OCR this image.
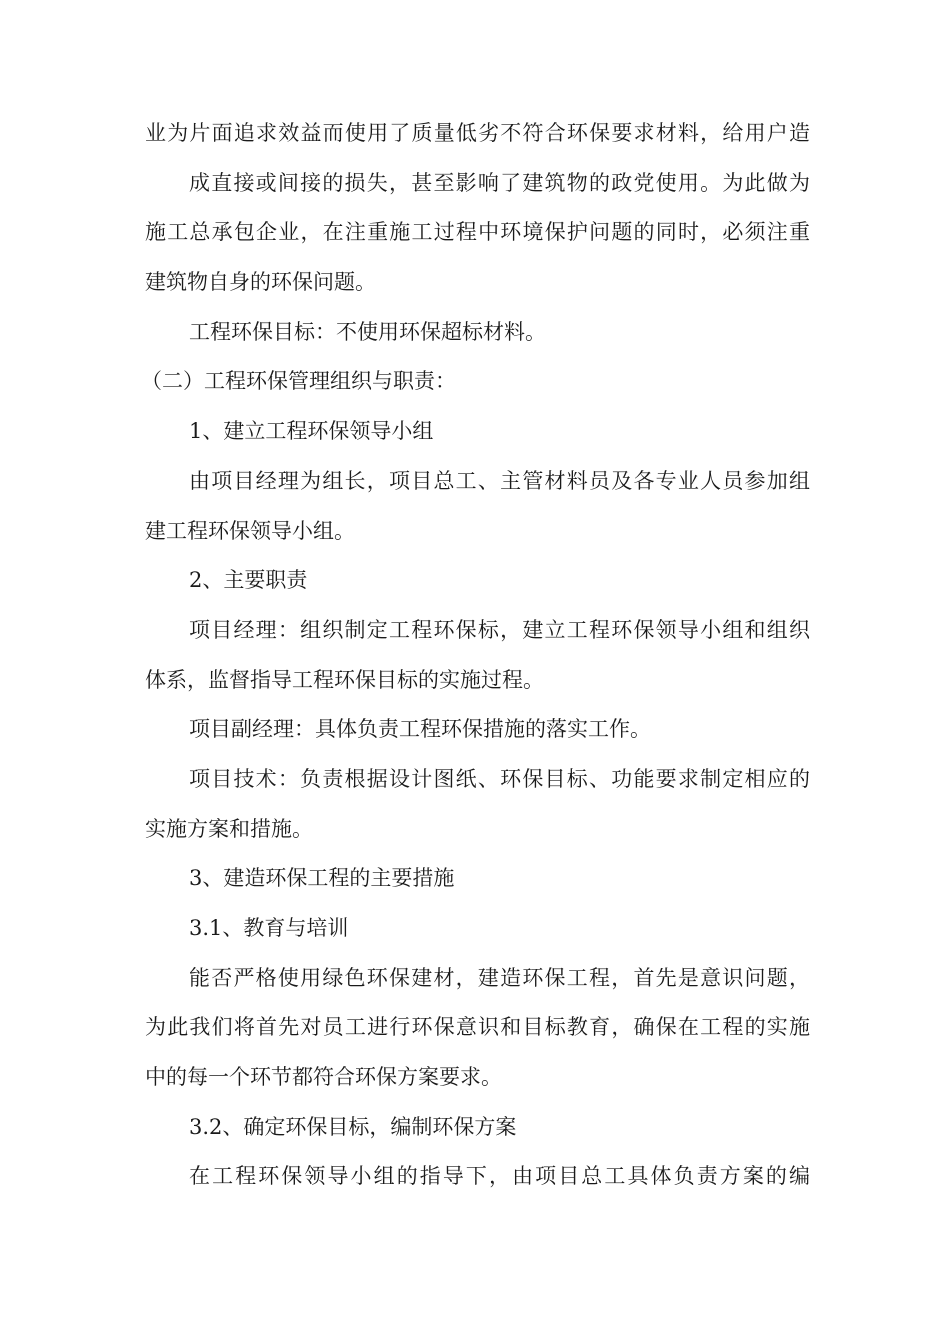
业为片面追求效益而使用了质量低劣不符合环保要求材料，给用户造
成直接或间接的损失，甚至影响了建筑物的政党使用。为此做为
施工总承包企业，在注重施工过程中环境保护问题的同时，必须注重
建筑物自身的环保问题。
工程环保目标：不使用环保超标材料。
（二）工程环保管理组织与职责：
1、建立工程环保领导小组
由项目经理为组长，项目总工、主管材料员及各专业人员参加组
建工程环保领导小组。
2、主要职责
项目经理：组织制定工程环保标，建立工程环保领导小组和组织
体系，监督指导工程环保目标的实施过程。
项目副经理：具体负责工程环保措施的落实工作。
项目技术：负责根据设计图纸、环保目标、功能要求制定相应的
实施方案和措施。
3、建造环保工程的主要措施
3.1、教育与培训
能否严格使用绿色环保建材，建造环保工程，首先是意识问题，
为此我们将首先对员工进行环保意识和目标教育，确保在工程的实施
中的每一个环节都符合环保方案要求。
3.2、确定环保目标，编制环保方案
在工程环保领导小组的指导下，由项目总工具体负责方案的编
